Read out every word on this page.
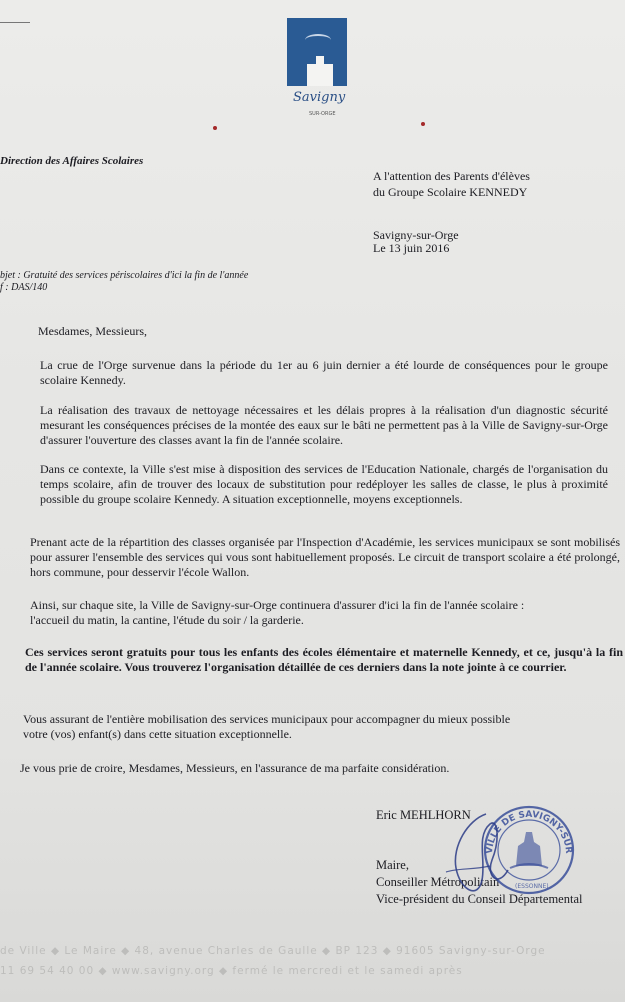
Savigny
SUR-ORGE
Direction des Affaires Scolaires
A l'attention des Parents d'élèves
du Groupe Scolaire KENNEDY
Savigny-sur-Orge
Le 13 juin 2016
bjet : Gratuité des services périscolaires d'ici la fin de l'année
f : DAS/140
Mesdames, Messieurs,
La crue de l'Orge survenue dans la période du 1er au 6 juin dernier a été lourde de conséquences pour le groupe scolaire Kennedy.
La réalisation des travaux de nettoyage nécessaires et les délais propres à la réalisation d'un diagnostic sécurité mesurant les conséquences précises de la montée des eaux sur le bâti ne permettent pas à la Ville de Savigny-sur-Orge d'assurer l'ouverture des classes avant la fin de l'année scolaire.
Dans ce contexte, la Ville s'est mise à disposition des services de l'Education Nationale, chargés de l'organisation du temps scolaire, afin de trouver des locaux de substitution pour redéployer les salles de classe, le plus à proximité possible du groupe scolaire Kennedy. A situation exceptionnelle, moyens exceptionnels.
Prenant acte de la répartition des classes organisée par l'Inspection d'Académie, les services municipaux se sont mobilisés pour assurer l'ensemble des services qui vous sont habituellement proposés. Le circuit de transport scolaire a été prolongé, hors commune, pour desservir l'école Wallon.
Ainsi, sur chaque site, la Ville de Savigny-sur-Orge continuera d'assurer d'ici la fin de l'année scolaire :
l'accueil du matin, la cantine, l'étude du soir / la garderie.
Ces services seront gratuits pour tous les enfants des écoles élémentaire et maternelle Kennedy, et ce, jusqu'à la fin de l'année scolaire. Vous trouverez l'organisation détaillée de ces derniers dans la note jointe à ce courrier.
Vous assurant de l'entière mobilisation des services municipaux pour accompagner du mieux possible
votre (vos) enfant(s) dans cette situation exceptionnelle.
Je vous prie de croire, Mesdames, Messieurs, en l'assurance de ma parfaite considération.
Eric MEHLHORN
Maire,
Conseiller Métropolitain
Vice-président du Conseil Départemental
VILLE DE SAVIGNY-SUR
(ESSONNE)
de Ville ◆ Le Maire ◆ 48, avenue Charles de Gaulle ◆ BP 123 ◆ 91605 Savigny-sur-Orge
11 69 54 40 00 ◆ www.savigny.org ◆ fermé le mercredi et le samedi après
